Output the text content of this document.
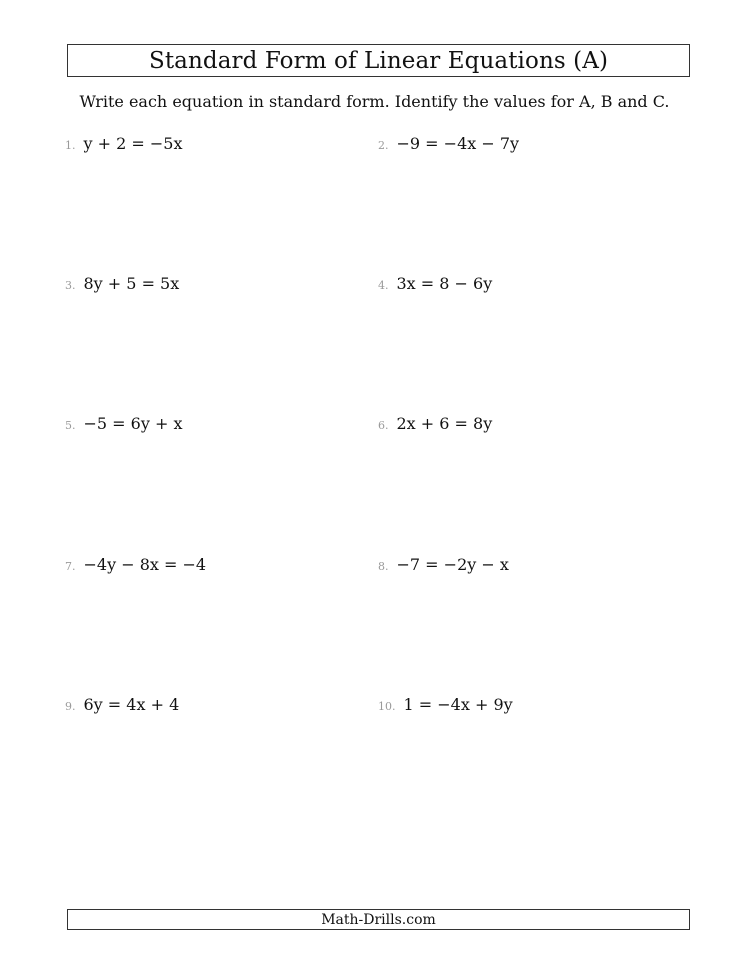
Standard Form of Linear Equations (A)
Write each equation in standard form. Identify the values for A, B and C.
1. y + 2 = −5x	2. −9 = −4x − 7y
3. 8y + 5 = 5x	4. 3x = 8 − 6y
5. −5 = 6y + x	6. 2x + 6 = 8y
7. −4y − 8x = −4	8. −7 = −2y − x
9. 6y = 4x + 4	10. 1 = −4x + 9y
Math-Drills.com
